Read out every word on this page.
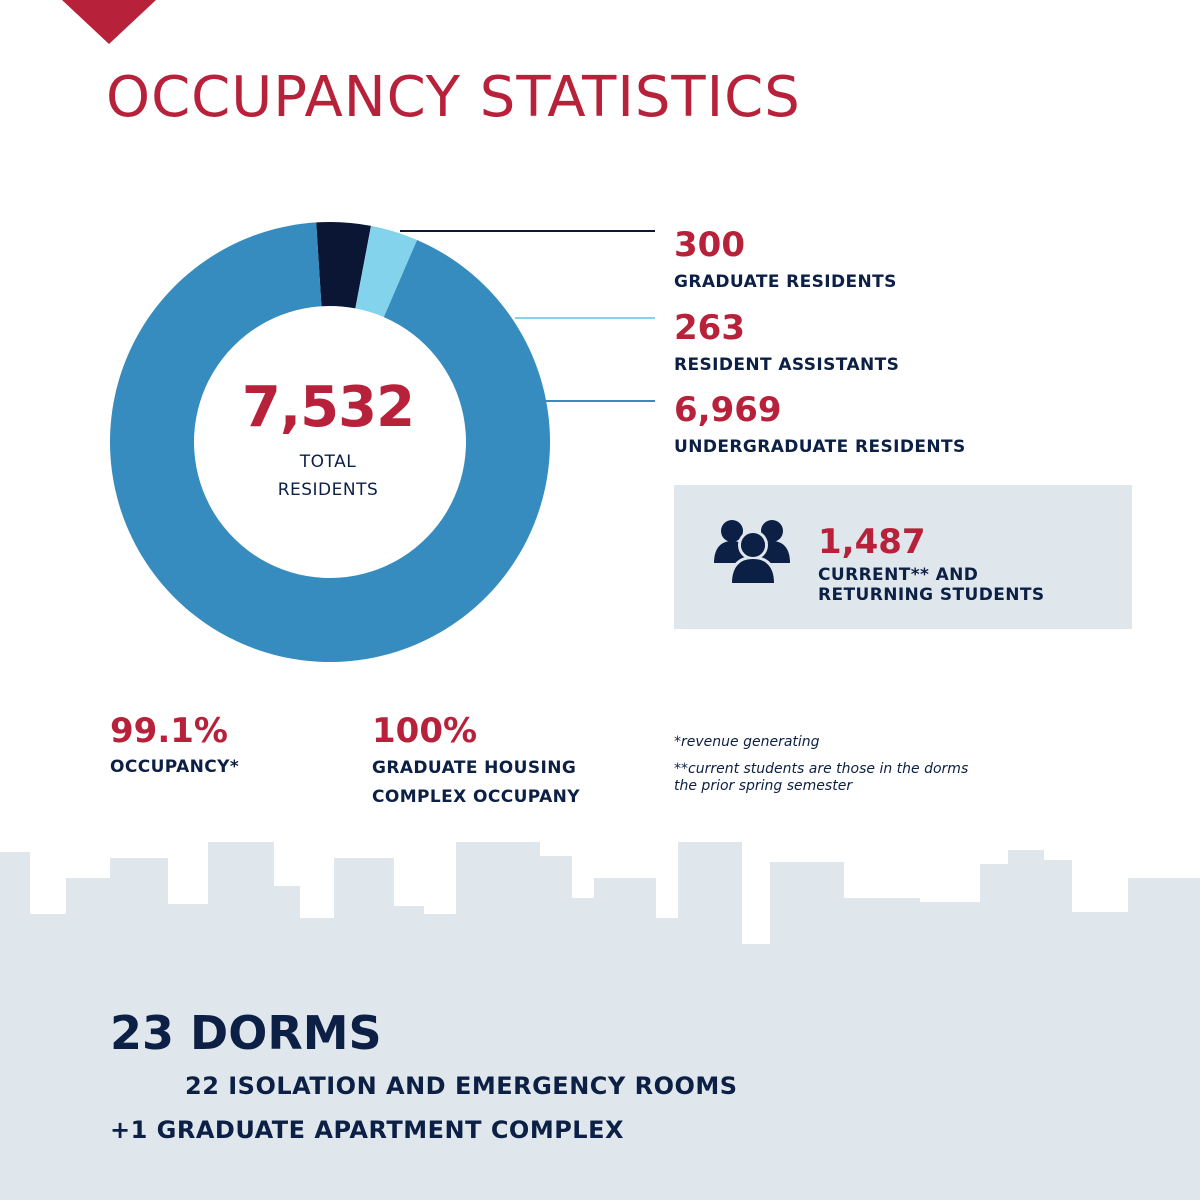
OCCUPANCY STATISTICS
7,532
TOTAL
RESIDENTS
300
GRADUATE RESIDENTS
263
RESIDENT ASSISTANTS
6,969
UNDERGRADUATE RESIDENTS
1,487
CURRENT** AND
RETURNING STUDENTS
99.1%
OCCUPANCY*
100%
GRADUATE HOUSING
COMPLEX OCCUPANY
*revenue generating
**current students are those in the dorms
the prior spring semester
23 DORMS
22 ISOLATION AND EMERGENCY ROOMS
+1 GRADUATE APARTMENT COMPLEX
